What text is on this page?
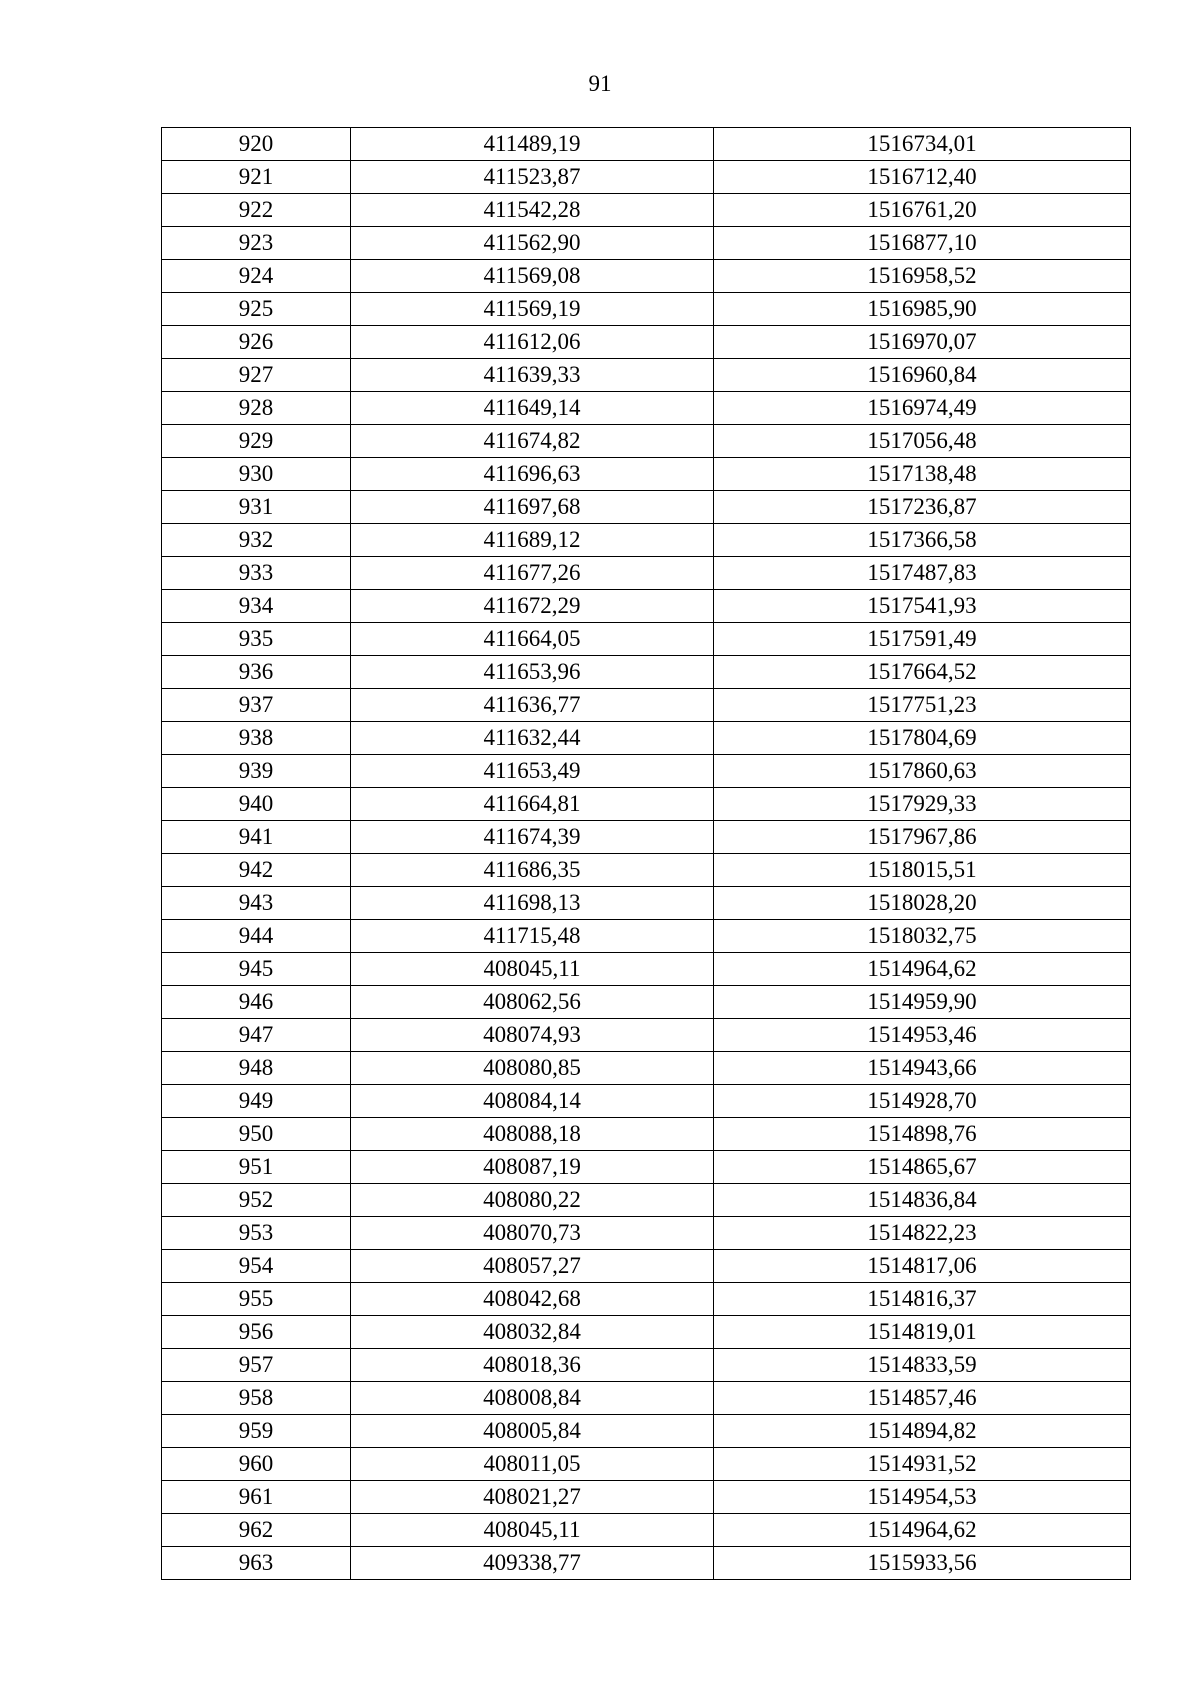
91
920	411489,19	1516734,01
921	411523,87	1516712,40
922	411542,28	1516761,20
923	411562,90	1516877,10
924	411569,08	1516958,52
925	411569,19	1516985,90
926	411612,06	1516970,07
927	411639,33	1516960,84
928	411649,14	1516974,49
929	411674,82	1517056,48
930	411696,63	1517138,48
931	411697,68	1517236,87
932	411689,12	1517366,58
933	411677,26	1517487,83
934	411672,29	1517541,93
935	411664,05	1517591,49
936	411653,96	1517664,52
937	411636,77	1517751,23
938	411632,44	1517804,69
939	411653,49	1517860,63
940	411664,81	1517929,33
941	411674,39	1517967,86
942	411686,35	1518015,51
943	411698,13	1518028,20
944	411715,48	1518032,75
945	408045,11	1514964,62
946	408062,56	1514959,90
947	408074,93	1514953,46
948	408080,85	1514943,66
949	408084,14	1514928,70
950	408088,18	1514898,76
951	408087,19	1514865,67
952	408080,22	1514836,84
953	408070,73	1514822,23
954	408057,27	1514817,06
955	408042,68	1514816,37
956	408032,84	1514819,01
957	408018,36	1514833,59
958	408008,84	1514857,46
959	408005,84	1514894,82
960	408011,05	1514931,52
961	408021,27	1514954,53
962	408045,11	1514964,62
963	409338,77	1515933,56
